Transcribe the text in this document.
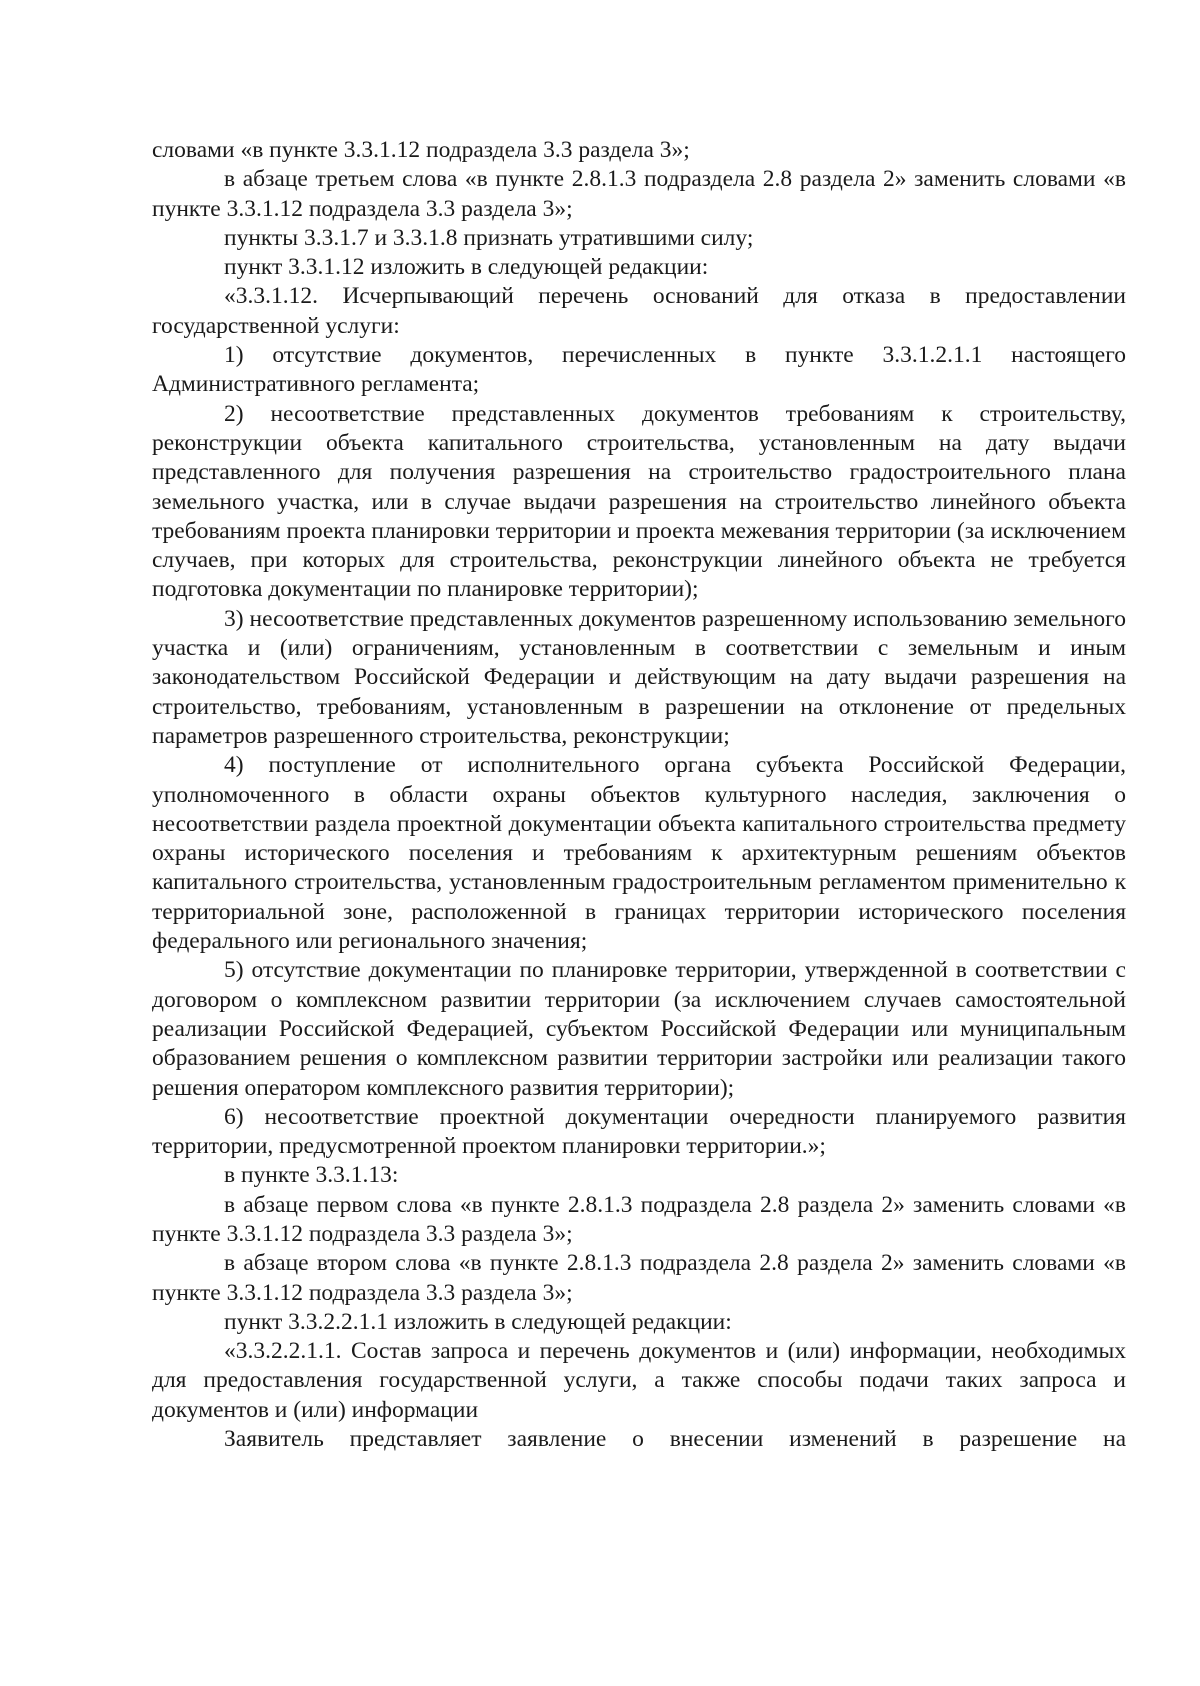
словами «в пункте 3.3.1.12 подраздела 3.3 раздела 3»;

в абзаце третьем слова «в пункте 2.8.1.3 подраздела 2.8 раздела 2» заменить словами «в пункте 3.3.1.12 подраздела 3.3 раздела 3»;

пункты 3.3.1.7 и 3.3.1.8 признать утратившими силу;

пункт 3.3.1.12 изложить в следующей редакции:

«3.3.1.12. Исчерпывающий перечень оснований для отказа в предоставлении государственной услуги:

1) отсутствие документов, перечисленных в пункте 3.3.1.2.1.1 настоящего Административного регламента;

2) несоответствие представленных документов требованиям к строительству, реконструкции объекта капитального строительства, установленным на дату выдачи представленного для получения разрешения на строительство градостроительного плана земельного участка, или в случае выдачи разрешения на строительство линейного объекта требованиям проекта планировки территории и проекта межевания территории (за исключением случаев, при которых для строительства, реконструкции линейного объекта не требуется подготовка документации по планировке территории);

3) несоответствие представленных документов разрешенному использованию земельного участка и (или) ограничениям, установленным в соответствии с земельным и иным законодательством Российской Федерации и действующим на дату выдачи разрешения на строительство, требованиям, установленным в разрешении на отклонение от предельных параметров разрешенного строительства, реконструкции;

4) поступление от исполнительного органа субъекта Российской Федерации, уполномоченного в области охраны объектов культурного наследия, заключения о несоответствии раздела проектной документации объекта капитального строительства предмету охраны исторического поселения и требованиям к архитектурным решениям объектов капитального строительства, установленным градостроительным регламентом применительно к территориальной зоне, расположенной в границах территории исторического поселения федерального или регионального значения;

5) отсутствие документации по планировке территории, утвержденной в соответствии с договором о комплексном развитии территории (за исключением случаев самостоятельной реализации Российской Федерацией, субъектом Российской Федерации или муниципальным образованием решения о комплексном развитии территории застройки или реализации такого решения оператором комплексного развития территории);

6) несоответствие проектной документации очередности планируемого развития территории, предусмотренной проектом планировки территории.»;

в пункте 3.3.1.13:

в абзаце первом слова «в пункте 2.8.1.3 подраздела 2.8 раздела 2» заменить словами «в пункте 3.3.1.12 подраздела 3.3 раздела 3»;

в абзаце втором слова «в пункте 2.8.1.3 подраздела 2.8 раздела 2» заменить словами «в пункте 3.3.1.12 подраздела 3.3 раздела 3»;

пункт 3.3.2.2.1.1 изложить в следующей редакции:

«3.3.2.2.1.1. Состав запроса и перечень документов и (или) информации, необходимых для предоставления государственной услуги, а также способы подачи таких запроса и документов и (или) информации

Заявитель представляет заявление о внесении изменений в разрешение на
